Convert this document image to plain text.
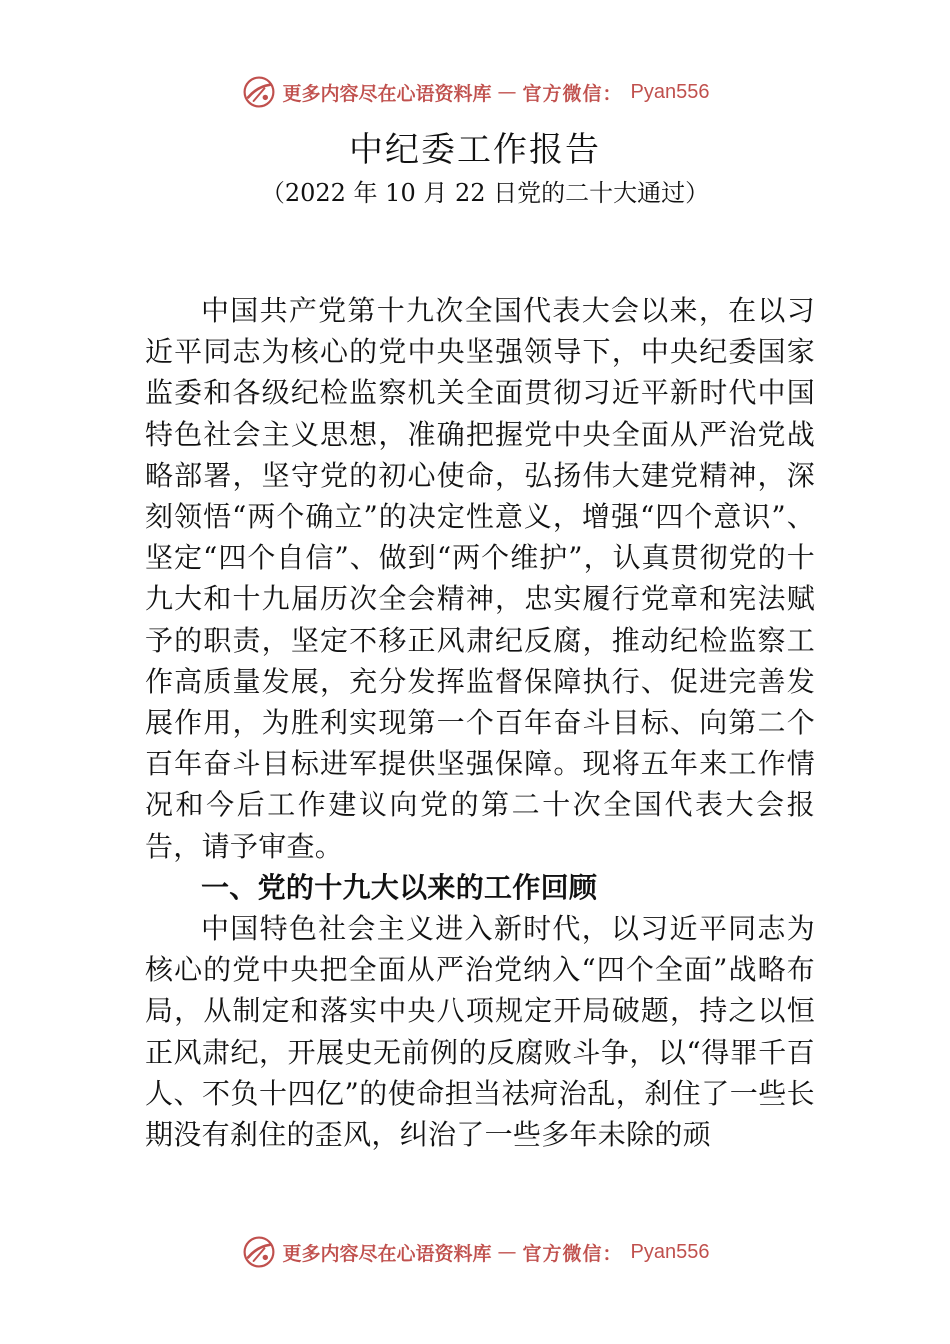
更多内容尽在心语资料库 — 官方微信： Pyan556
中纪委工作报告
（2022 年 10 月 22 日党的二十大通过）

中国共产党第十九次全国代表大会以来，在以习近平同志为核心的党中央坚强领导下，中央纪委国家监委和各级纪检监察机关全面贯彻习近平新时代中国特色社会主义思想，准确把握党中央全面从严治党战略部署，坚守党的初心使命，弘扬伟大建党精神，深刻领悟“两个确立”的决定性意义，增强“四个意识”、坚定“四个自信”、做到“两个维护”，认真贯彻党的十九大和十九届历次全会精神，忠实履行党章和宪法赋予的职责，坚定不移正风肃纪反腐，推动纪检监察工作高质量发展，充分发挥监督保障执行、促进完善发展作用，为胜利实现第一个百年奋斗目标、向第二个百年奋斗目标进军提供坚强保障。现将五年来工作情况和今后工作建议向党的第二十次全国代表大会报告，请予审查。

一、党的十九大以来的工作回顾

中国特色社会主义进入新时代，以习近平同志为核心的党中央把全面从严治党纳入“四个全面”战略布局，从制定和落实中央八项规定开局破题，持之以恒正风肃纪，开展史无前例的反腐败斗争，以“得罪千百人、不负十四亿”的使命担当祛疴治乱，刹住了一些长期没有刹住的歪风，纠治了一些多年未除的顽

更多内容尽在心语资料库 — 官方微信： Pyan556
